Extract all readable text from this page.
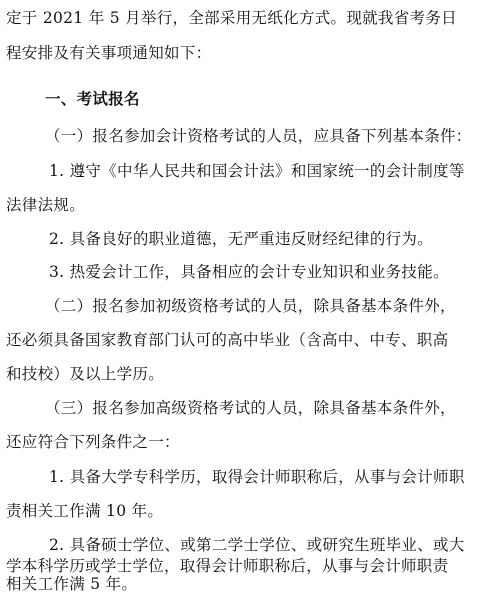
定于 2021 年 5 月举行，全部采用无纸化方式。现就我省考务日
程安排及有关事项通知如下：
一、考试报名
（一）报名参加会计资格考试的人员，应具备下列基本条件：
1. 遵守《中华人民共和国会计法》和国家统一的会计制度等
法律法规。
2. 具备良好的职业道德，无严重违反财经纪律的行为。
3. 热爱会计工作，具备相应的会计专业知识和业务技能。
（二）报名参加初级资格考试的人员，除具备基本条件外，
还必须具备国家教育部门认可的高中毕业（含高中、中专、职高
和技校）及以上学历。
（三）报名参加高级资格考试的人员，除具备基本条件外，
还应符合下列条件之一：
1. 具备大学专科学历，取得会计师职称后，从事与会计师职
责相关工作满 10 年。
2. 具备硕士学位、或第二学士学位、或研究生班毕业、或大
学本科学历或学士学位，取得会计师职称后，从事与会计师职责
相关工作满 5 年。
